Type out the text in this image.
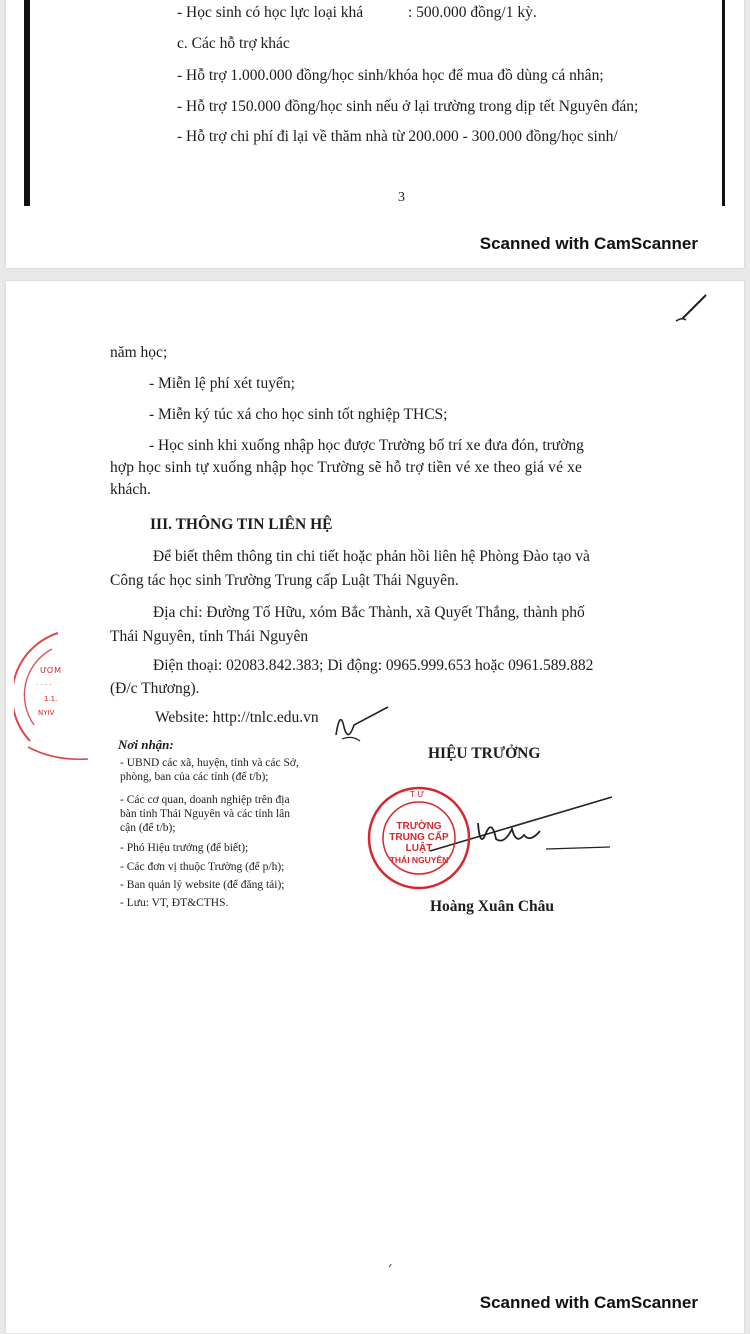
- Học sinh có học lực loại khá	: 500.000 đồng/1 kỳ.
c. Các hỗ trợ khác
- Hỗ trợ 1.000.000 đồng/học sinh/khóa học để mua đồ dùng cá nhân;
- Hỗ trợ 150.000 đồng/học sinh nếu ở lại trường trong dịp tết Nguyên đán;
- Hỗ trợ chi phí đi lại về thăm nhà từ 200.000 - 300.000 đồng/học sinh/
3
Scanned with CamScanner
năm học;
- Miễn lệ phí xét tuyển;
- Miễn ký túc xá cho học sinh tốt nghiệp THCS;
- Học sinh khi xuống nhập học được Trường bố trí xe đưa đón, trường
hợp học sinh tự xuống nhập học Trường sẽ hỗ trợ tiền vé xe theo giá vé xe
khách.
III. THÔNG TIN LIÊN HỆ
Để biết thêm thông tin chi tiết hoặc phản hồi liên hệ Phòng Đào tạo và
Công tác học sinh Trường Trung cấp Luật Thái Nguyên.
Địa chỉ: Đường Tố Hữu, xóm Bắc Thành, xã Quyết Thắng, thành phố
Thái Nguyên, tỉnh Thái Nguyên
Điện thoại: 02083.842.383; Di động: 0965.999.653 hoặc 0961.589.882
(Đ/c Thương).
Website: http://tnlc.edu.vn
ƯƠM
· · · ·
1.1.
NYIV
Nơi nhận:
- UBND các xã, huyện, tỉnh và các Sở,
phòng, ban của các tỉnh (để t/b);
- Các cơ quan, doanh nghiệp trên địa
bàn tỉnh Thái Nguyên và các tỉnh lân
cận (để t/b);
- Phó Hiệu trưởng (để biết);
- Các đơn vị thuộc Trường (để p/h);
- Ban quản lý website (để đăng tải);
- Lưu: VT, ĐT&CTHS.
HIỆU TRƯỞNG
T Ư
TRƯỜNG
TRUNG CẤP
LUẬT
THÁI NGUYÊN
Hoàng Xuân Châu
ᐟ
Scanned with CamScanner
